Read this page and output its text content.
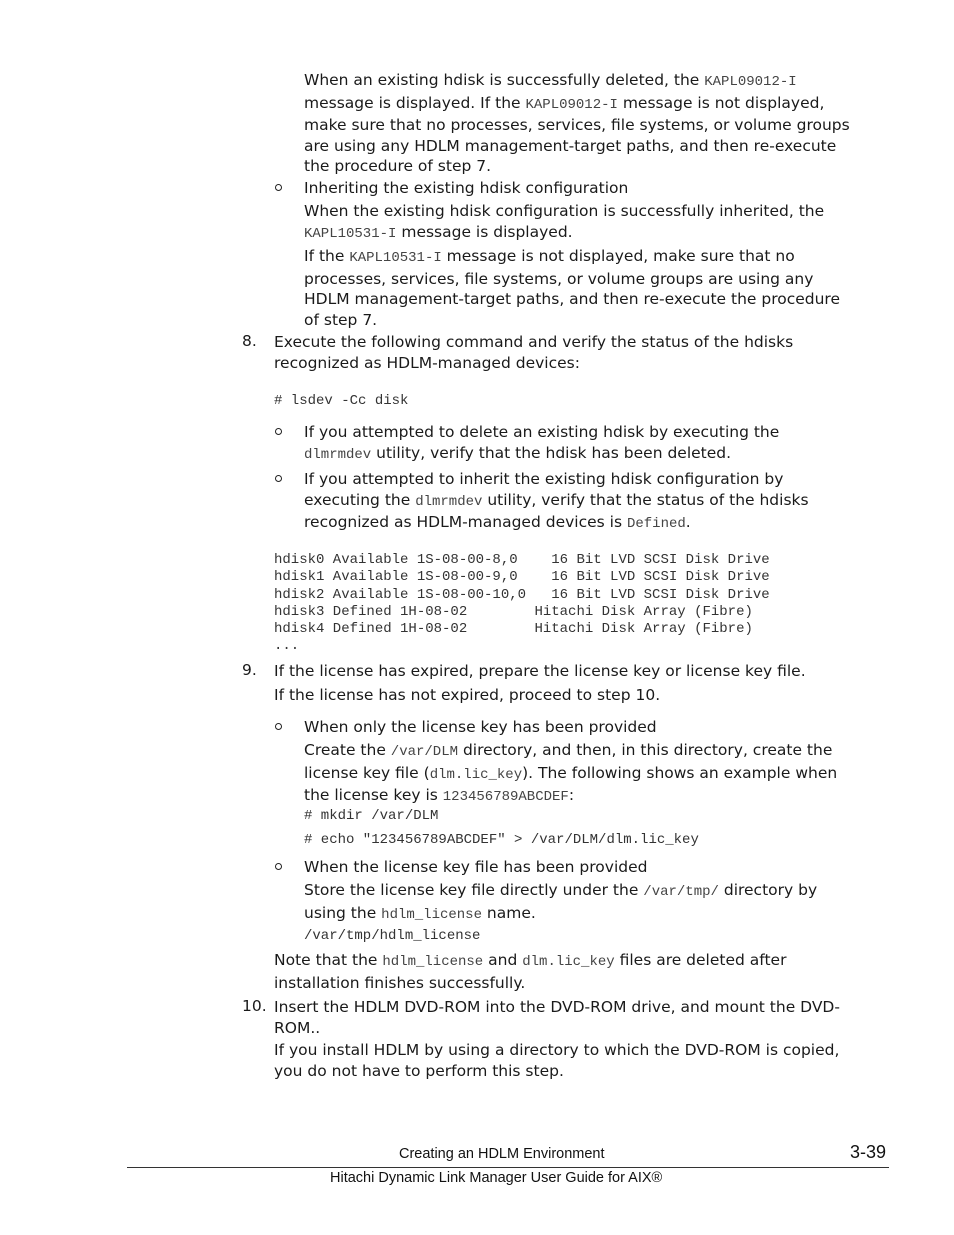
When an existing hdisk is successfully deleted, the KAPL09012-I

message is displayed. If the KAPL09012-I message is not displayed,

make sure that no processes, services, file systems, or volume groups

are using any HDLM management-target paths, and then re-execute

the procedure of step 7.

Inheriting the existing hdisk configuration

When the existing hdisk configuration is successfully inherited, the

KAPL10531-I message is displayed.

If the KAPL10531-I message is not displayed, make sure that no

processes, services, file systems, or volume groups are using any

HDLM management-target paths, and then re-execute the procedure

of step 7.

8. Execute the following command and verify the status of the hdisks

recognized as HDLM-managed devices:

# lsdev -Cc disk

If you attempted to delete an existing hdisk by executing the

dlmrmdev utility, verify that the hdisk has been deleted.

If you attempted to inherit the existing hdisk configuration by

executing the dlmrmdev utility, verify that the status of the hdisks

recognized as HDLM-managed devices is Defined.

hdisk0 Available 1S-08-00-8,0    16 Bit LVD SCSI Disk Drive
hdisk1 Available 1S-08-00-9,0    16 Bit LVD SCSI Disk Drive
hdisk2 Available 1S-08-00-10,0   16 Bit LVD SCSI Disk Drive
hdisk3 Defined 1H-08-02        Hitachi Disk Array (Fibre)
hdisk4 Defined 1H-08-02        Hitachi Disk Array (Fibre)
...
9. If the license has expired, prepare the license key or license key file.

If the license has not expired, proceed to step 10.

When only the license key has been provided

Create the /var/DLM directory, and then, in this directory, create the

license key file (dlm.lic_key). The following shows an example when

the license key is 123456789ABCDEF:

# mkdir /var/DLM
# echo "123456789ABCDEF" > /var/DLM/dlm.lic_key

When the license key file has been provided

Store the license key file directly under the /var/tmp/ directory by

using the hdlm_license name.

/var/tmp/hdlm_license

Note that the hdlm_license and dlm.lic_key files are deleted after

installation finishes successfully.

10. Insert the HDLM DVD-ROM into the DVD-ROM drive, and mount the DVD-

ROM..

If you install HDLM by using a directory to which the DVD-ROM is copied,

you do not have to perform this step.

Creating an HDLM Environment	3-39
Hitachi Dynamic Link Manager User Guide for AIX®
